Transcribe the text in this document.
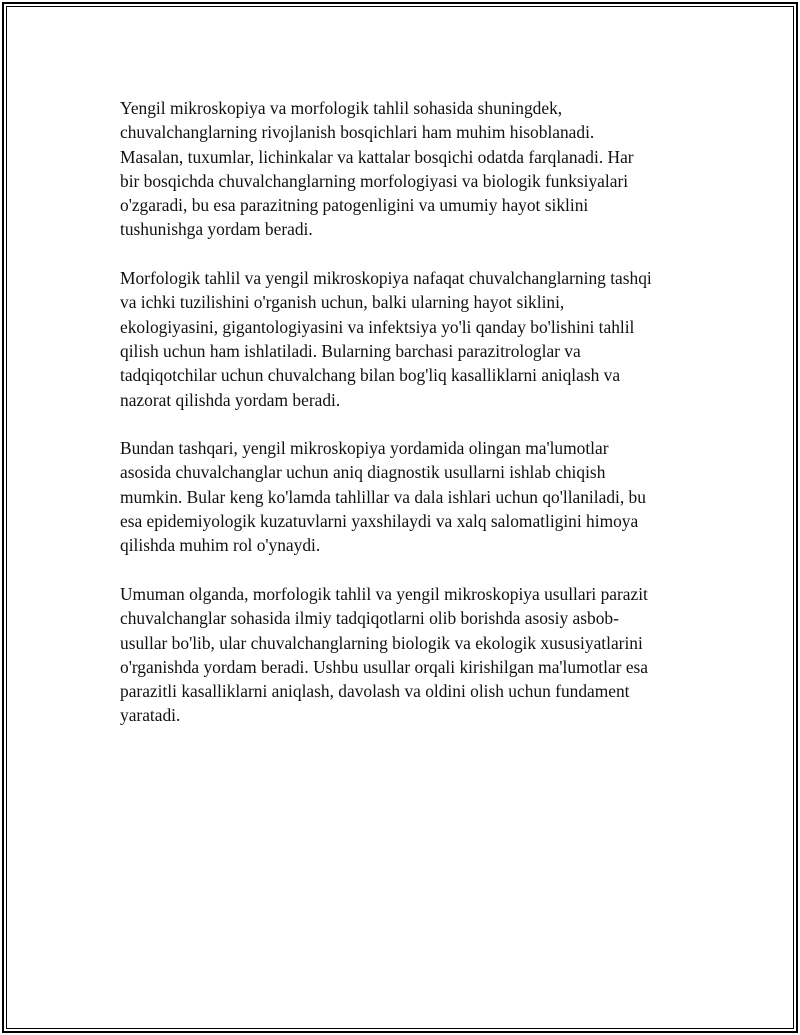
Yengil mikroskopiya va morfologik tahlil sohasida shuningdek,
chuvalchanglarning rivojlanish bosqichlari ham muhim hisoblanadi.
Masalan, tuxumlar, lichinkalar va kattalar bosqichi odatda farqlanadi. Har
bir bosqichda chuvalchanglarning morfologiyasi va biologik funksiyalari
o'zgaradi, bu esa parazitning patogenligini va umumiy hayot siklini
tushunishga yordam beradi.

Morfologik tahlil va yengil mikroskopiya nafaqat chuvalchanglarning tashqi
va ichki tuzilishini o'rganish uchun, balki ularning hayot siklini,
ekologiyasini, gigantologiyasini va infektsiya yo'li qanday bo'lishini tahlil
qilish uchun ham ishlatiladi. Bularning barchasi parazitrologlar va
tadqiqotchilar uchun chuvalchang bilan bog'liq kasalliklarni aniqlash va
nazorat qilishda yordam beradi.

Bundan tashqari, yengil mikroskopiya yordamida olingan ma'lumotlar
asosida chuvalchanglar uchun aniq diagnostik usullarni ishlab chiqish
mumkin. Bular keng ko'lamda tahlillar va dala ishlari uchun qo'llaniladi, bu
esa epidemiyologik kuzatuvlarni yaxshilaydi va xalq salomatligini himoya
qilishda muhim rol o'ynaydi.

Umuman olganda, morfologik tahlil va yengil mikroskopiya usullari parazit
chuvalchanglar sohasida ilmiy tadqiqotlarni olib borishda asosiy asbob-
usullar bo'lib, ular chuvalchanglarning biologik va ekologik xususiyatlarini
o'rganishda yordam beradi. Ushbu usullar orqali kirishilgan ma'lumotlar esa
parazitli kasalliklarni aniqlash, davolash va oldini olish uchun fundament
yaratadi.
